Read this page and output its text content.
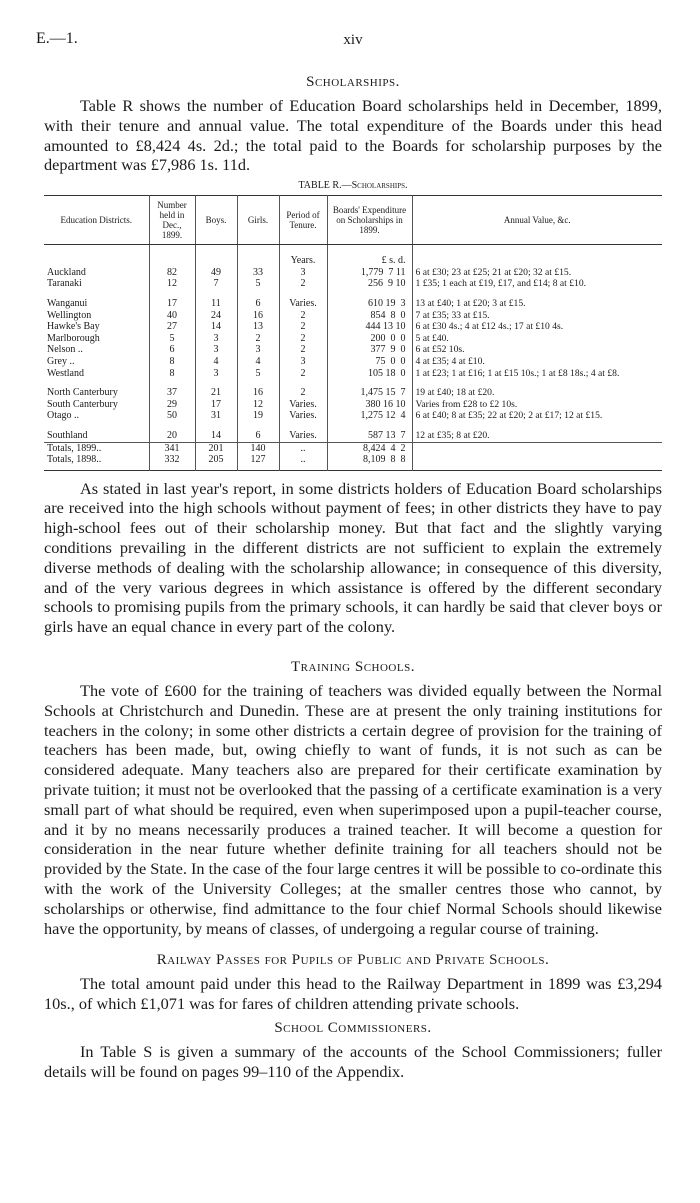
E.—1.	xiv
Scholarships.

Table R shows the number of Education Board scholarships held in December, 1899, with their tenure and annual value. The total expenditure of the Boards under this head amounted to £8,424 4s. 2d.; the total paid to the Boards for scholarship purposes by the department was £7,986 1s. 11d.

TABLE R.—Scholarships.
Education Districts.	Number held in Dec., 1899.	Boys.	Girls.	Period of Tenure.	Boards' Expenditure on Scholarships in 1899.	Annual Value, &c.

				Years.	£ s. d.	
Auckland	82	49	33	3	1,779  7 11	6 at £30; 23 at £25; 21 at £20; 32 at £15.
Taranaki	12	7	5	2	256  9 10	1 £35; 1 each at £19, £17, and £14; 8 at £10.

Wanganui	17	11	6	Varies.	610 19  3	13 at £40; 1 at £20; 3 at £15.
Wellington	40	24	16	2	854  8  0	7 at £35; 33 at £15.
Hawke's Bay	27	14	13	2	444 13 10	6 at £30 4s.; 4 at £12 4s.; 17 at £10 4s.
Marlborough	5	3	2	2	200  0  0	5 at £40.
Nelson ..	6	3	3	2	377  9  0	6 at £52 10s.
Grey ..	8	4	4	3	75  0  0	4 at £35; 4 at £10.
Westland	8	3	5	2	105 18  0	1 at £23; 1 at £16; 1 at £15 10s.; 1 at £8 18s.; 4 at £8.

North Canterbury	37	21	16	2	1,475 15  7	19 at £40; 18 at £20.
South Canterbury	29	17	12	Varies.	380 16 10	Varies from £28 to £2 10s.
Otago ..	50	31	19	Varies.	1,275 12  4	6 at £40; 8 at £35; 22 at £20; 2 at £17; 12 at £15.

Southland	20	14	6	Varies.	587 13  7	12 at £35; 8 at £20.
Totals, 1899..	341	201	140	..	8,424  4  2	
Totals, 1898..	332	205	127	..	8,109  8  8	

As stated in last year's report, in some districts holders of Education Board scholarships are received into the high schools without payment of fees; in other districts they have to pay high-school fees out of their scholarship money. But that fact and the slightly varying conditions prevailing in the different districts are not sufficient to explain the extremely diverse methods of dealing with the scholarship allowance; in consequence of this diversity, and of the very various degrees in which assistance is offered by the different secondary schools to promising pupils from the primary schools, it can hardly be said that clever boys or girls have an equal chance in every part of the colony.

Training Schools.

The vote of £600 for the training of teachers was divided equally between the Normal Schools at Christchurch and Dunedin. These are at present the only training institutions for teachers in the colony; in some other districts a certain degree of provision for the training of teachers has been made, but, owing chiefly to want of funds, it is not such as can be considered adequate. Many teachers also are prepared for their certificate examination by private tuition; it must not be overlooked that the passing of a certificate examination is a very small part of what should be required, even when superimposed upon a pupil-teacher course, and it by no means necessarily produces a trained teacher. It will become a question for consideration in the near future whether definite training for all teachers should not be provided by the State. In the case of the four large centres it will be possible to co-ordinate this with the work of the University Colleges; at the smaller centres those who cannot, by scholarships or otherwise, find admittance to the four chief Normal Schools should likewise have the opportunity, by means of classes, of undergoing a regular course of training.

Railway Passes for Pupils of Public and Private Schools.

The total amount paid under this head to the Railway Department in 1899 was £3,294 10s., of which £1,071 was for fares of children attending private schools.

School Commissioners.

In Table S is given a summary of the accounts of the School Commissioners; fuller details will be found on pages 99–110 of the Appendix.
